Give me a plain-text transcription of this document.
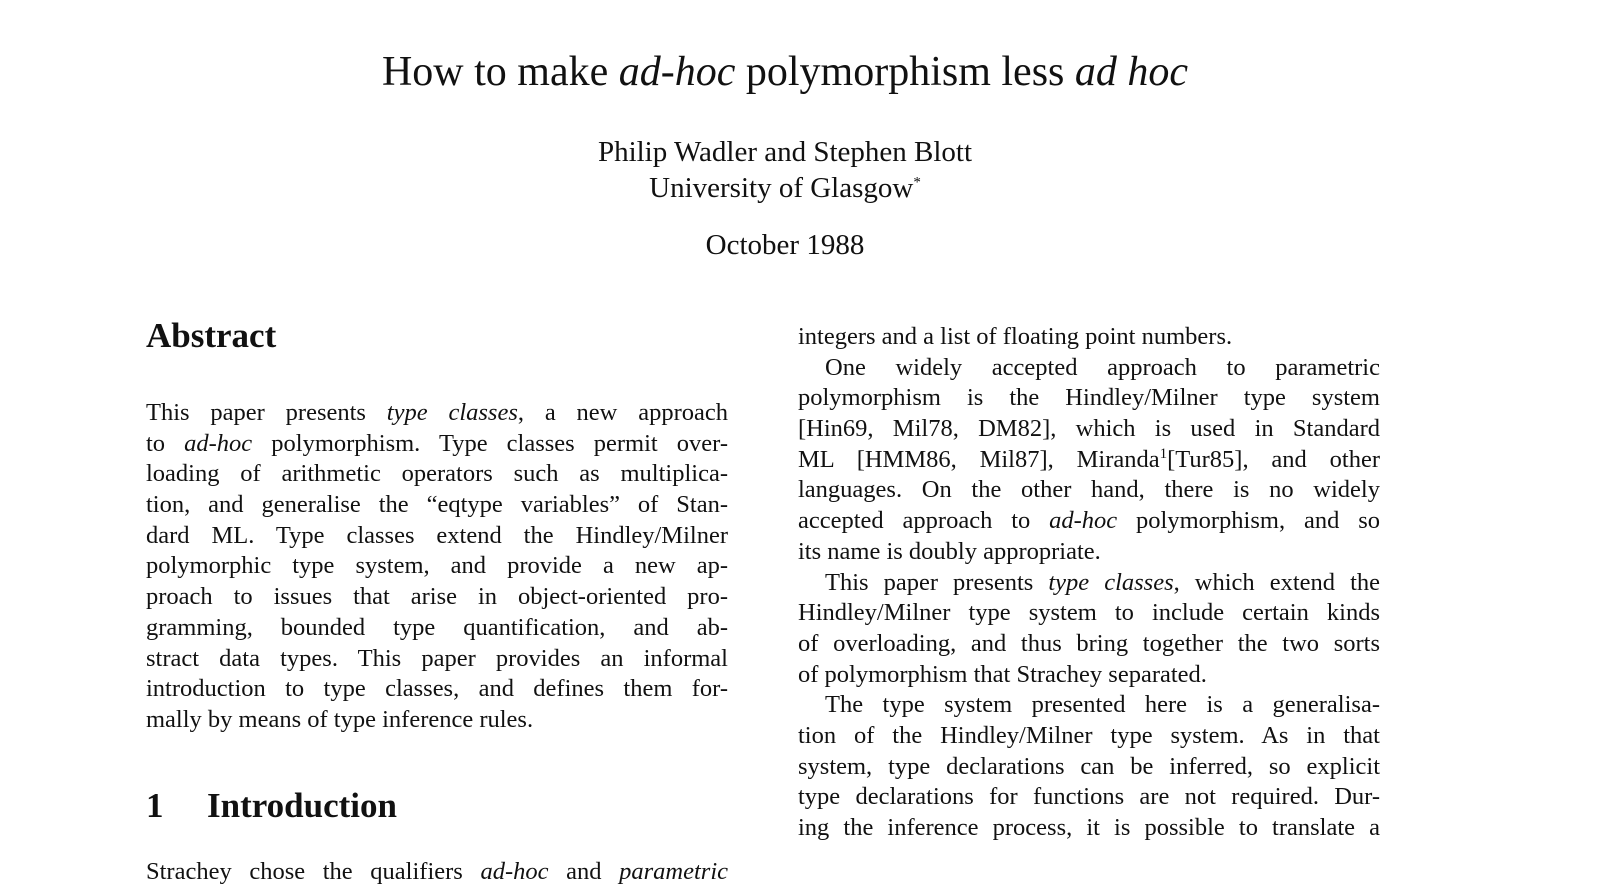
How to make ad-hoc polymorphism less ad hoc
Philip Wadler and Stephen Blott
University of Glasgow*
October 1988
Abstract
This paper presents type classes, a new approach
to ad-hoc polymorphism. Type classes permit over-
loading of arithmetic operators such as multiplica-
tion, and generalise the “eqtype variables” of Stan-
dard ML. Type classes extend the Hindley/Milner
polymorphic type system, and provide a new ap-
proach to issues that arise in object-oriented pro-
gramming, bounded type quantification, and ab-
stract data types. This paper provides an informal
introduction to type classes, and defines them for-
mally by means of type inference rules.
1 Introduction
Strachey chose the qualifiers ad-hoc and parametric
integers and a list of floating point numbers.
One widely accepted approach to parametric
polymorphism is the Hindley/Milner type system
[Hin69, Mil78, DM82], which is used in Standard
ML [HMM86, Mil87], Miranda$^1$[Tur85], and other
languages. On the other hand, there is no widely
accepted approach to ad-hoc polymorphism, and so
its name is doubly appropriate.
This paper presents type classes, which extend the
Hindley/Milner type system to include certain kinds
of overloading, and thus bring together the two sorts
of polymorphism that Strachey separated.
The type system presented here is a generalisa-
tion of the Hindley/Milner type system. As in that
system, type declarations can be inferred, so explicit
type declarations for functions are not required. Dur-
ing the inference process, it is possible to translate a
